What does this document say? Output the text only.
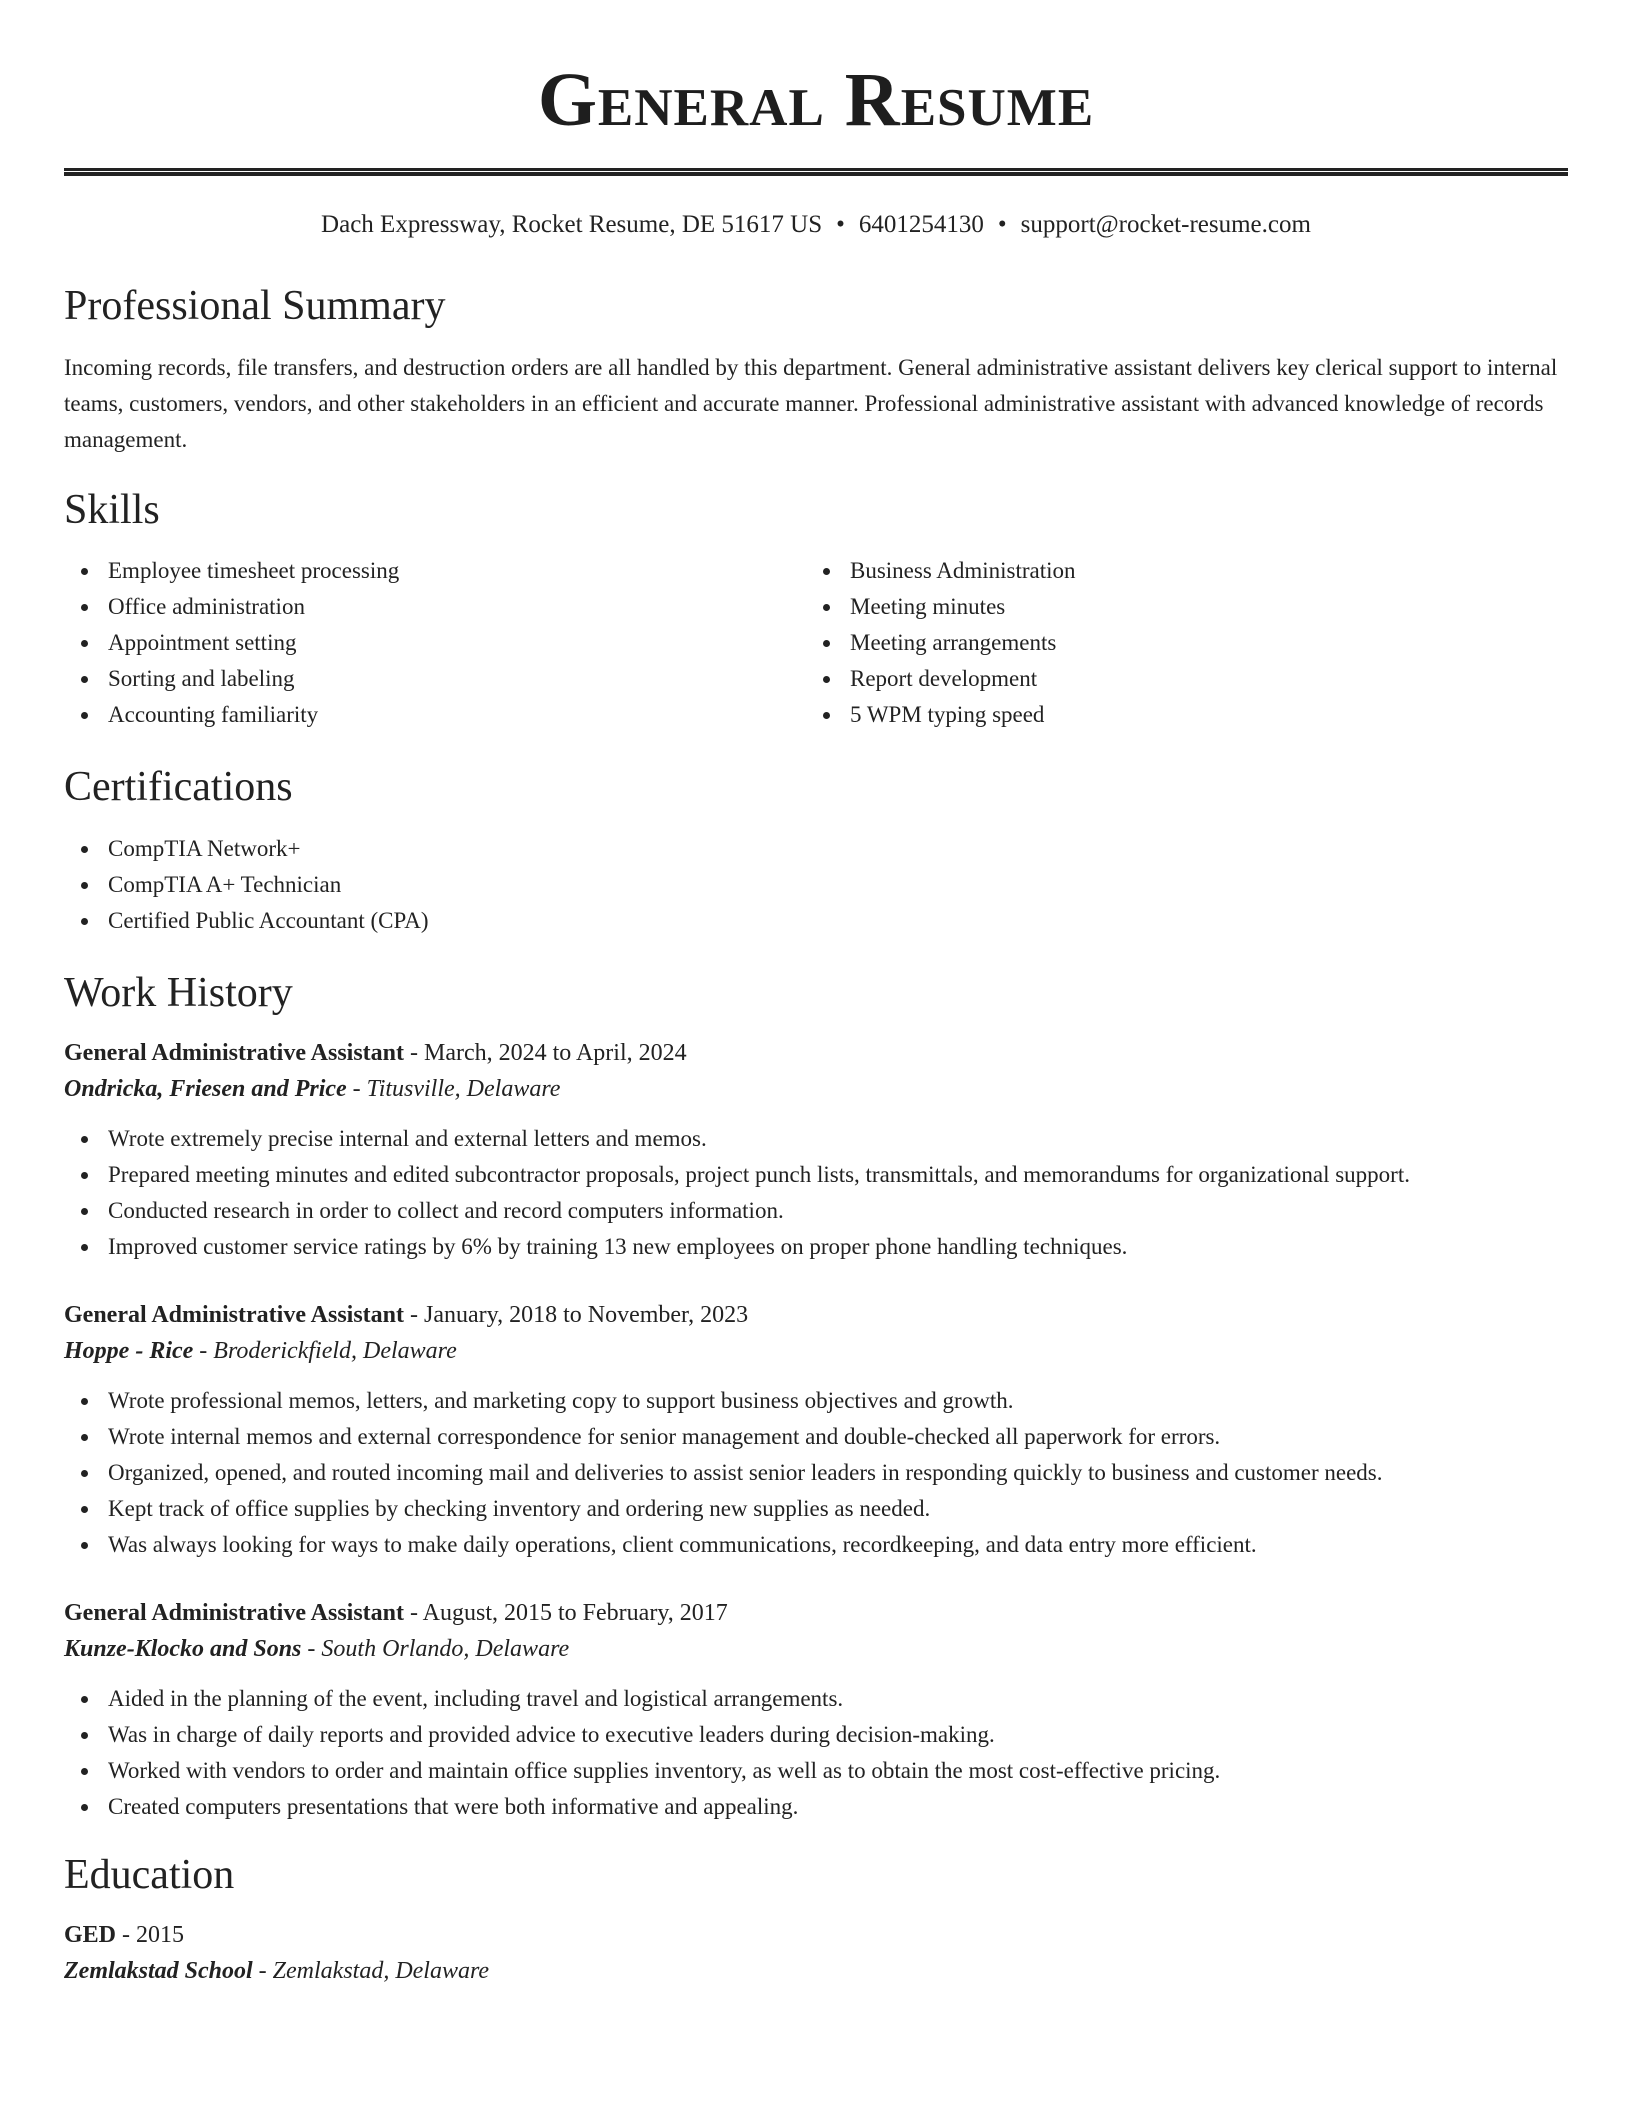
General Resume
Dach Expressway, Rocket Resume, DE 51617 US • 6401254130 • support@rocket-resume.com
Professional Summary

Incoming records, file transfers, and destruction orders are all handled by this department. General administrative assistant delivers key clerical support to internal teams, customers, vendors, and other stakeholders in an efficient and accurate manner. Professional administrative assistant with advanced knowledge of records management.

Skills
Employee timesheet processing
Office administration
Appointment setting
Sorting and labeling
Accounting familiarity
Business Administration
Meeting minutes
Meeting arrangements
Report development
5 WPM typing speed
Certifications
CompTIA Network+
CompTIA A+ Technician
Certified Public Accountant (CPA)
Work History
General Administrative Assistant - March, 2024 to April, 2024
Ondricka, Friesen and Price - Titusville, Delaware
Wrote extremely precise internal and external letters and memos.
Prepared meeting minutes and edited subcontractor proposals, project punch lists, transmittals, and memorandums for organizational support.
Conducted research in order to collect and record computers information.
Improved customer service ratings by 6% by training 13 new employees on proper phone handling techniques.
General Administrative Assistant - January, 2018 to November, 2023
Hoppe - Rice - Broderickfield, Delaware
Wrote professional memos, letters, and marketing copy to support business objectives and growth.
Wrote internal memos and external correspondence for senior management and double-checked all paperwork for errors.
Organized, opened, and routed incoming mail and deliveries to assist senior leaders in responding quickly to business and customer needs.
Kept track of office supplies by checking inventory and ordering new supplies as needed.
Was always looking for ways to make daily operations, client communications, recordkeeping, and data entry more efficient.
General Administrative Assistant - August, 2015 to February, 2017
Kunze-Klocko and Sons - South Orlando, Delaware
Aided in the planning of the event, including travel and logistical arrangements.
Was in charge of daily reports and provided advice to executive leaders during decision-making.
Worked with vendors to order and maintain office supplies inventory, as well as to obtain the most cost-effective pricing.
Created computers presentations that were both informative and appealing.
Education
GED - 2015
Zemlakstad School - Zemlakstad, Delaware
